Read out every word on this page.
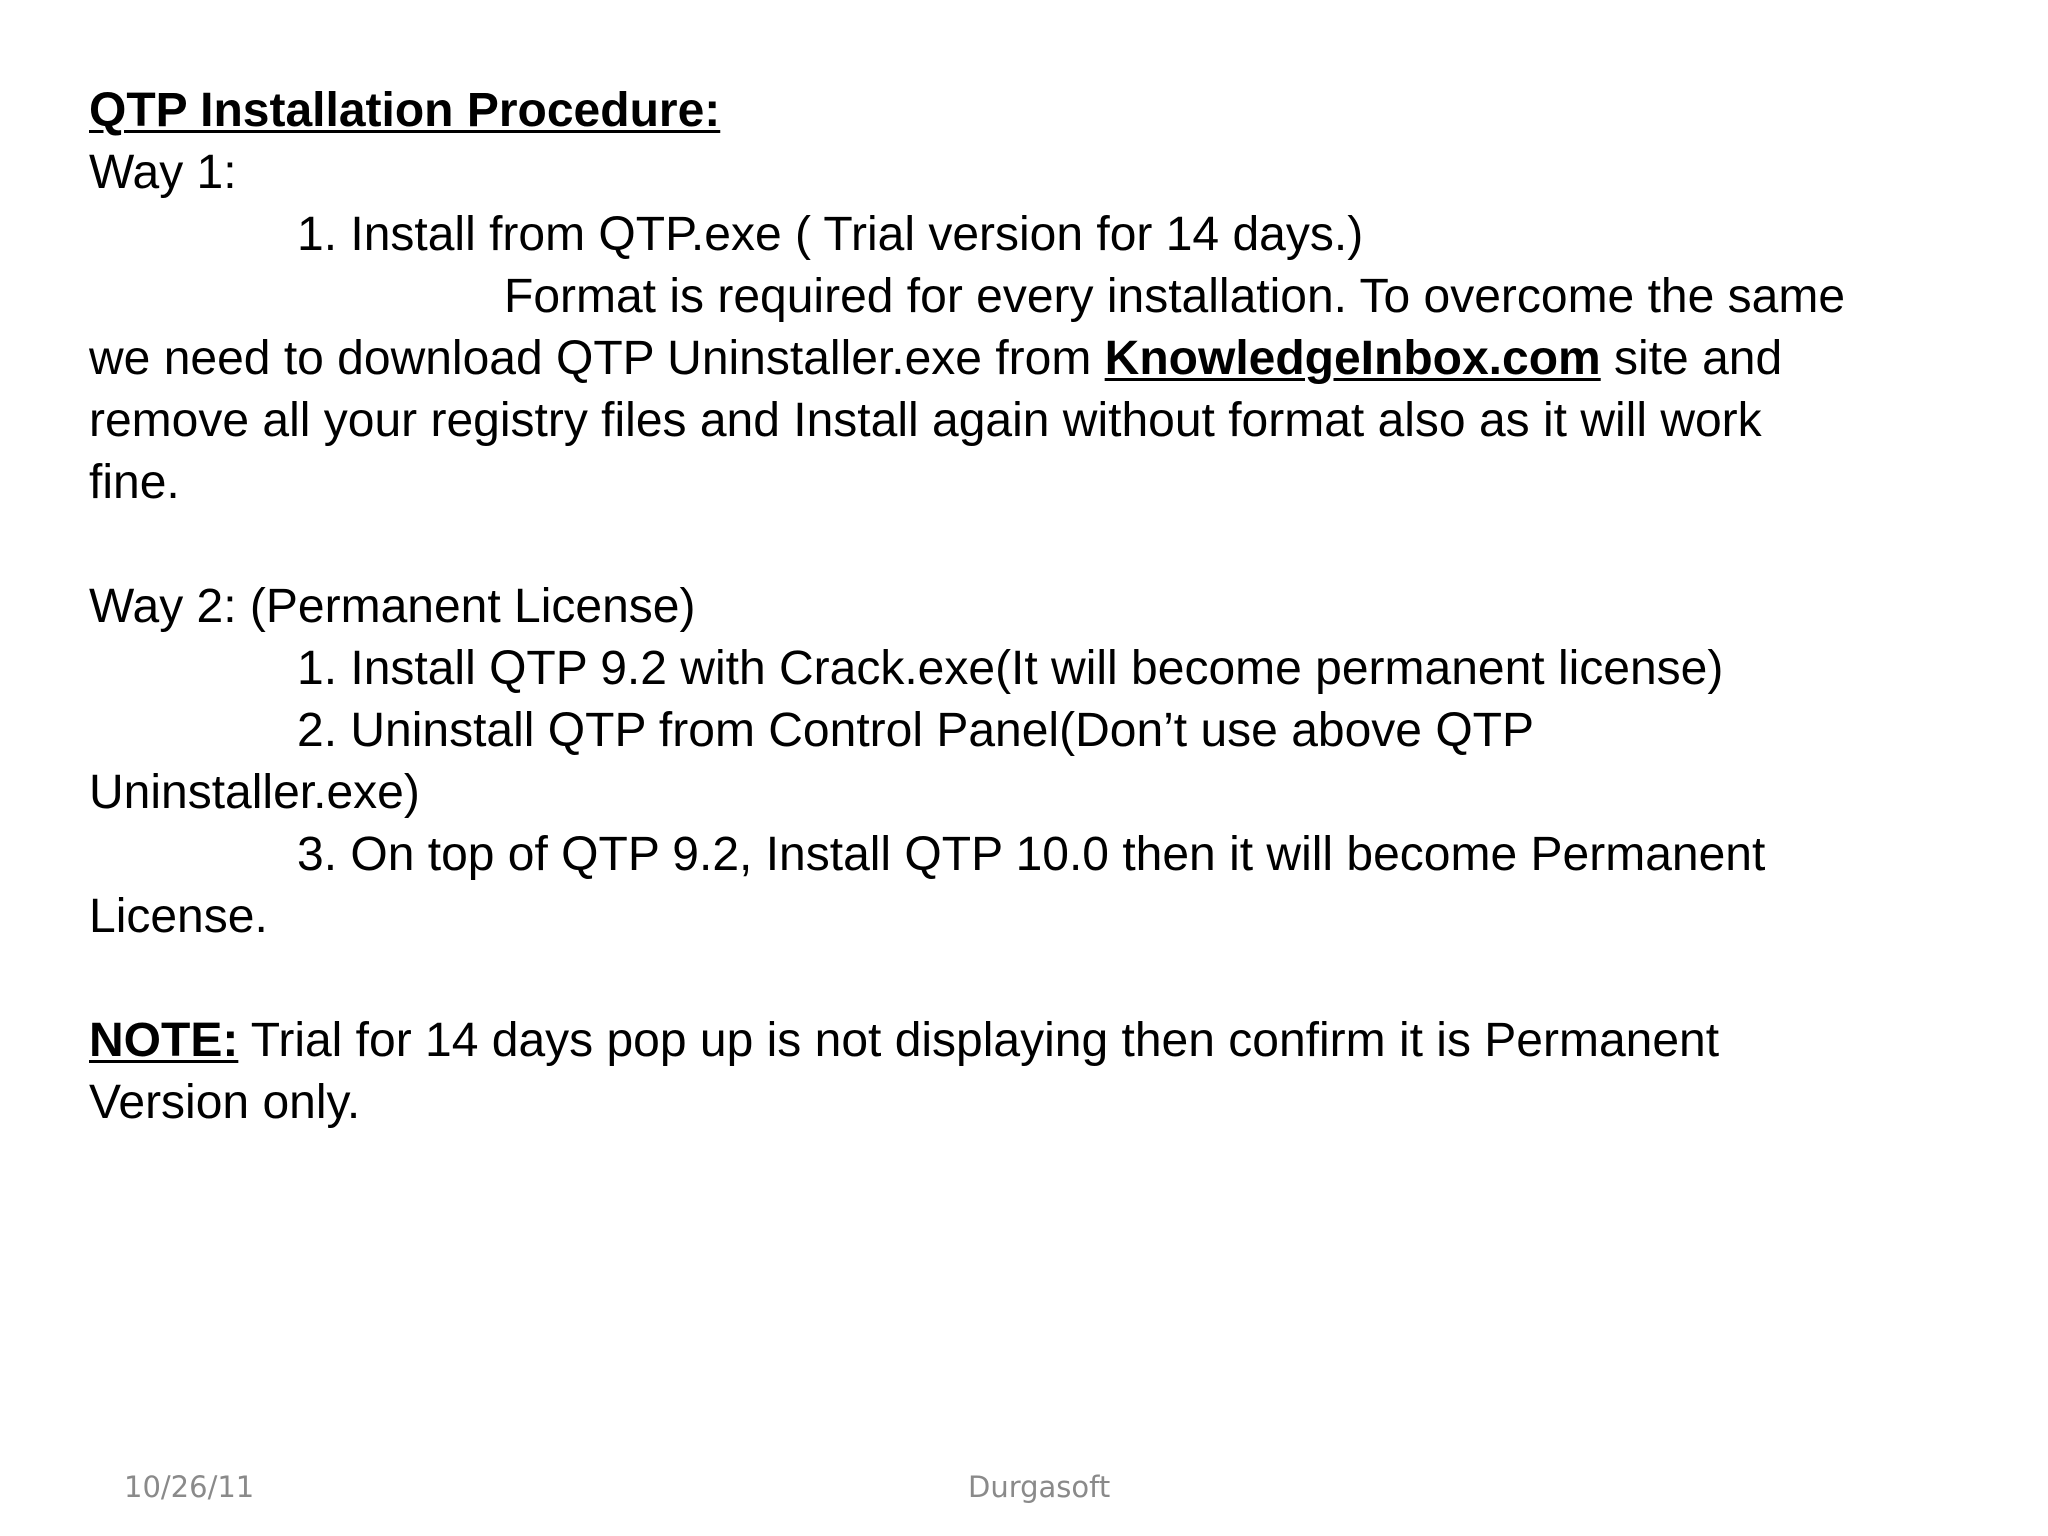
QTP Installation Procedure:
Way 1:
1. Install from QTP.exe ( Trial version for 14 days.)
Format is required for every installation. To overcome the same
we need to download QTP Uninstaller.exe from KnowledgeInbox.com site and
remove all your registry files and Install again without format also as it will work
fine.
Way 2: (Permanent License)
1. Install QTP 9.2 with Crack.exe(It will become permanent license)
2. Uninstall QTP from Control Panel(Don’t use above QTP
Uninstaller.exe)
3. On top of QTP 9.2, Install QTP 10.0 then it will become Permanent
License.
NOTE: Trial for 14 days pop up is not displaying then confirm it is Permanent
Version only.
10/26/11	Durgasoft
